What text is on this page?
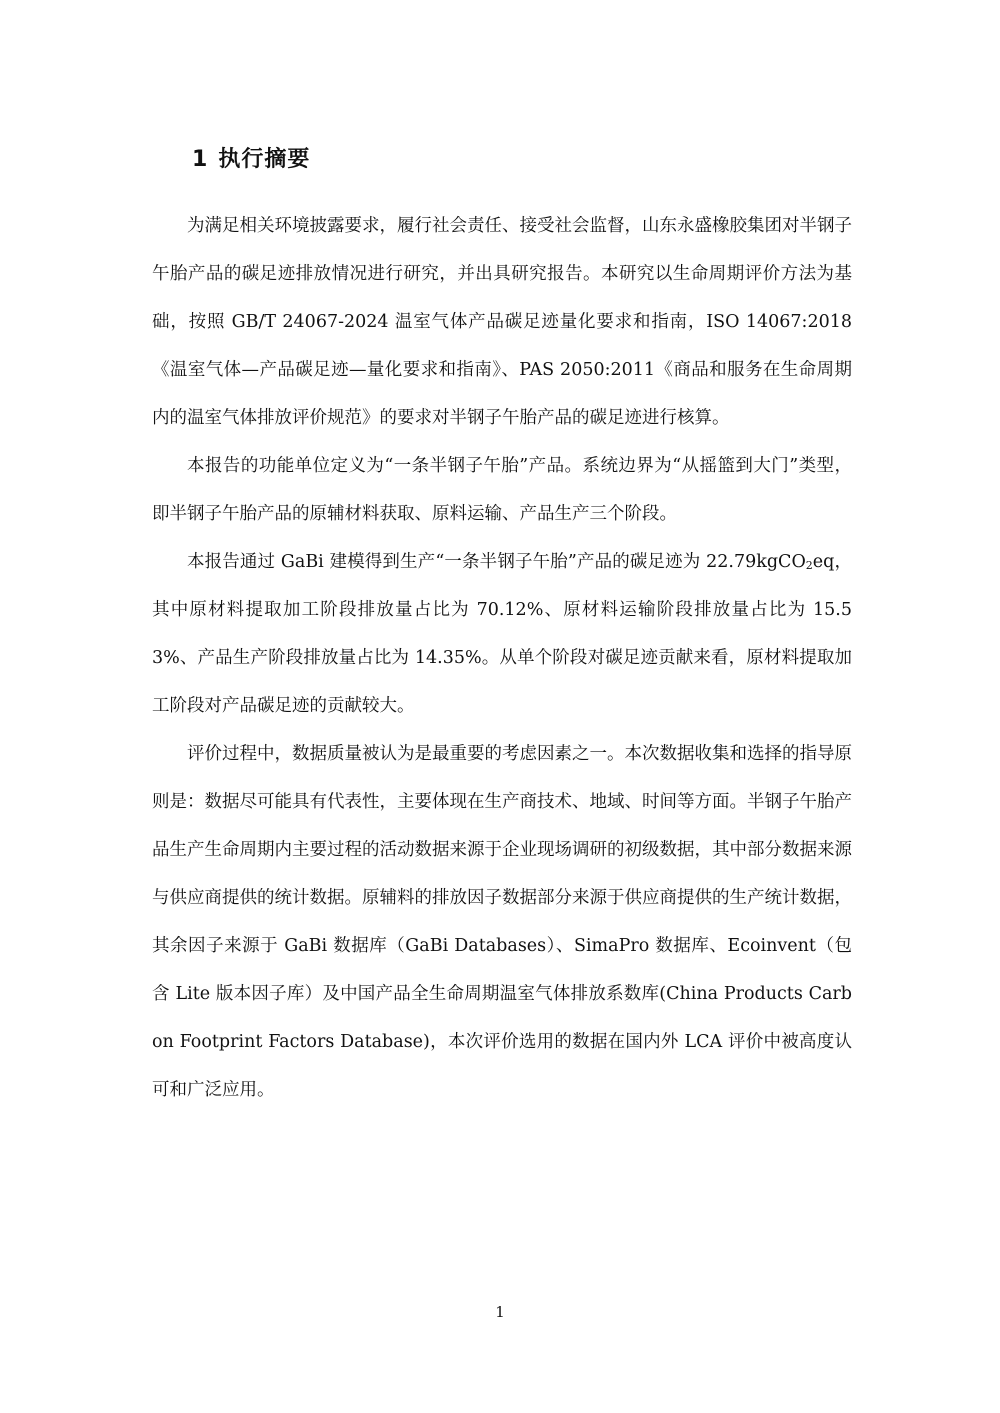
1 执行摘要

为满足相关环境披露要求，履行社会责任、接受社会监督，山东永盛橡胶集团对半钢子午胎产品的碳足迹排放情况进行研究，并出具研究报告。本研究以生命周期评价方法为基础，按照 GB/T 24067-2024 温室气体产品碳足迹量化要求和指南，ISO 14067:2018《温室气体—产品碳足迹—量化要求和指南》、PAS 2050:2011《商品和服务在生命周期内的温室气体排放评价规范》的要求对半钢子午胎产品的碳足迹进行核算。

本报告的功能单位定义为“一条半钢子午胎”产品。系统边界为“从摇篮到大门”类型，即半钢子午胎产品的原辅材料获取、原料运输、产品生产三个阶段。

本报告通过 GaBi 建模得到生产“一条半钢子午胎”产品的碳足迹为 22.79kgCO$_2$eq，其中原材料提取加工阶段排放量占比为 70.12%、原材料运输阶段排放量占比为 15.53%、产品生产阶段排放量占比为 14.35%。从单个阶段对碳足迹贡献来看，原材料提取加工阶段对产品碳足迹的贡献较大。

评价过程中，数据质量被认为是最重要的考虑因素之一。本次数据收集和选择的指导原则是：数据尽可能具有代表性，主要体现在生产商技术、地域、时间等方面。半钢子午胎产品生产生命周期内主要过程的活动数据来源于企业现场调研的初级数据，其中部分数据来源与供应商提供的统计数据。原辅料的排放因子数据部分来源于供应商提供的生产统计数据，其余因子来源于 GaBi 数据库（GaBi Databases）、SimaPro 数据库、Ecoinvent（包含 Lite 版本因子库）及中国产品全生命周期温室气体排放系数库(China Products Carbon Footprint Factors Database)，本次评价选用的数据在国内外 LCA 评价中被高度认可和广泛应用。

1
